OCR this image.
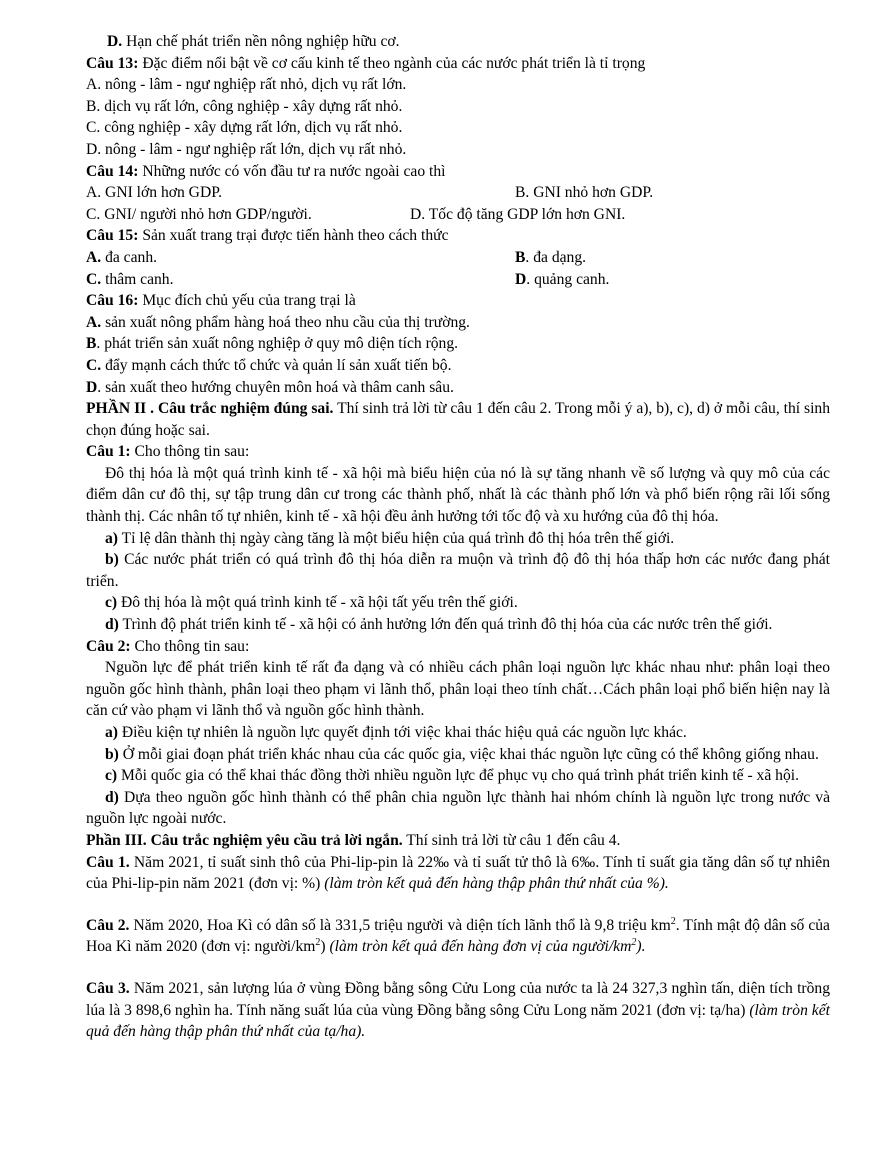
D. Hạn chế phát triển nền nông nghiệp hữu cơ.

Câu 13: Đặc điểm nổi bật về cơ cấu kinh tế theo ngành của các nước phát triển là tỉ trọng

A. nông - lâm - ngư nghiệp rất nhỏ, dịch vụ rất lớn.

B. dịch vụ rất lớn, công nghiệp - xây dựng rất nhỏ.

C. công nghiệp - xây dựng rất lớn, dịch vụ rất nhỏ.

D. nông - lâm - ngư nghiệp rất lớn, dịch vụ rất nhỏ.

Câu 14: Những nước có vốn đầu tư ra nước ngoài cao thì

A. GNI lớn hơn GDP.	B. GNI nhỏ hơn GDP.
C. GNI/ người nhỏ hơn GDP/người.	D. Tốc độ tăng GDP lớn hơn GNI.

Câu 15: Sản xuất trang trại được tiến hành theo cách thức

A. đa canh.	B. đa dạng.
C. thâm canh.	D. quảng canh.

Câu 16: Mục đích chủ yếu của trang trại là

A. sản xuất nông phẩm hàng hoá theo nhu cầu của thị trường.

B. phát triển sản xuất nông nghiệp ở quy mô diện tích rộng.

C. đẩy mạnh cách thức tổ chức và quản lí sản xuất tiến bộ.

D. sản xuất theo hướng chuyên môn hoá và thâm canh sâu.

PHẦN II . Câu trắc nghiệm đúng sai. Thí sinh trả lời từ câu 1 đến câu 2. Trong mỗi ý a), b), c), d) ở mỗi câu, thí sinh chọn đúng hoặc sai.

Câu 1: Cho thông tin sau:

Đô thị hóa là một quá trình kinh tế - xã hội mà biểu hiện của nó là sự tăng nhanh về số lượng và quy mô của các điểm dân cư đô thị, sự tập trung dân cư trong các thành phố, nhất là các thành phố lớn và phổ biến rộng rãi lối sống thành thị. Các nhân tố tự nhiên, kinh tế - xã hội đều ảnh hưởng tới tốc độ và xu hướng của đô thị hóa.

a) Tỉ lệ dân thành thị ngày càng tăng là một biểu hiện của quá trình đô thị hóa trên thế giới.

b) Các nước phát triển có quá trình đô thị hóa diễn ra muộn và trình độ đô thị hóa thấp hơn các nước đang phát triển.

c) Đô thị hóa là một quá trình kinh tế - xã hội tất yếu trên thế giới.

d) Trình độ phát triển kinh tế - xã hội có ảnh hưởng lớn đến quá trình đô thị hóa của các nước trên thế giới.

Câu 2: Cho thông tin sau:

Nguồn lực để phát triển kinh tế rất đa dạng và có nhiều cách phân loại nguồn lực khác nhau như: phân loại theo nguồn gốc hình thành, phân loại theo phạm vi lãnh thổ, phân loại theo tính chất…Cách phân loại phổ biến hiện nay là căn cứ vào phạm vi lãnh thổ và nguồn gốc hình thành.

a) Điều kiện tự nhiên là nguồn lực quyết định tới việc khai thác hiệu quả các nguồn lực khác.

b) Ở mỗi giai đoạn phát triển khác nhau của các quốc gia, việc khai thác nguồn lực cũng có thể không giống nhau.

c) Mỗi quốc gia có thể khai thác đồng thời nhiều nguồn lực để phục vụ cho quá trình phát triển kinh tế - xã hội.

d) Dựa theo nguồn gốc hình thành có thể phân chia nguồn lực thành hai nhóm chính là nguồn lực trong nước và nguồn lực ngoài nước.

Phần III. Câu trắc nghiệm yêu cầu trả lời ngắn. Thí sinh trả lời từ câu 1 đến câu 4.

Câu 1. Năm 2021, tỉ suất sinh thô của Phi-lip-pin là 22‰ và tỉ suất tử thô là 6‰. Tính tỉ suất gia tăng dân số tự nhiên của Phi-lip-pin năm 2021 (đơn vị: %) (làm tròn kết quả đến hàng thập phân thứ nhất của %).

Câu 2. Năm 2020, Hoa Kì có dân số là 331,5 triệu người và diện tích lãnh thổ là 9,8 triệu $km^2$. Tính mật độ dân số của Hoa Kì năm 2020 (đơn vị: người/$km^2$) (làm tròn kết quả đến hàng đơn vị của người/$km^2$).

Câu 3. Năm 2021, sản lượng lúa ở vùng Đồng bằng sông Cửu Long của nước ta là 24 327,3 nghìn tấn, diện tích trồng lúa là 3 898,6 nghìn ha. Tính năng suất lúa của vùng Đồng bằng sông Cửu Long năm 2021 (đơn vị: tạ/ha) (làm tròn kết quả đến hàng thập phân thứ nhất của tạ/ha).
